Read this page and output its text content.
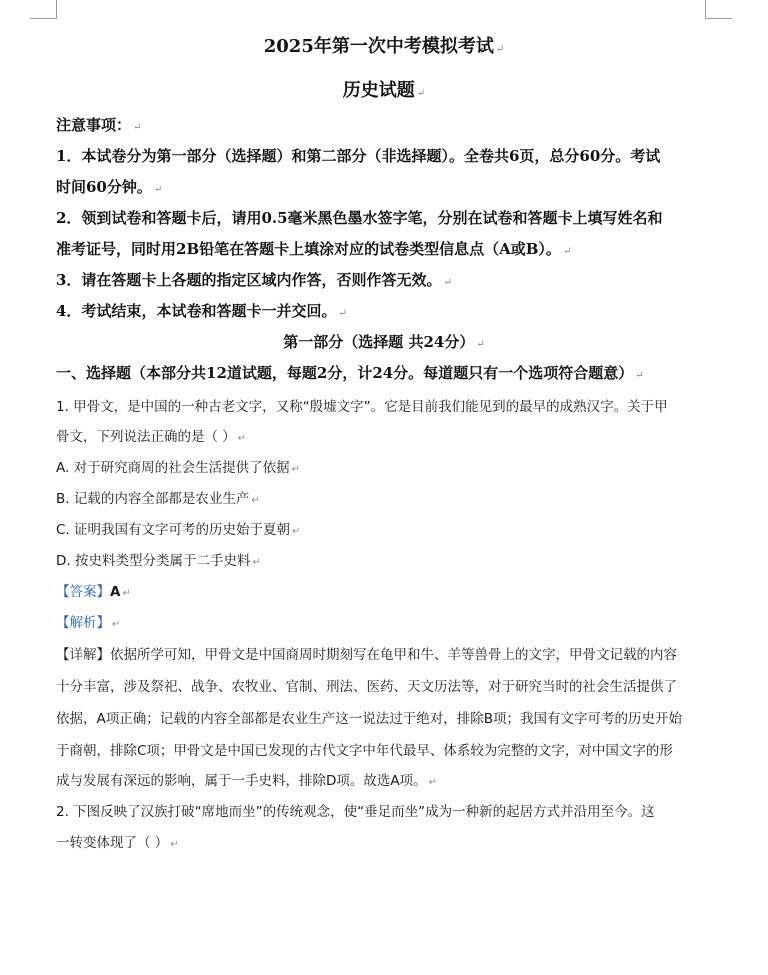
2025年第一次中考模拟考试 ↵
历史试题 ↵
注意事项： ↵
1．本试卷分为第一部分（选择题）和第二部分（非选择题）。全卷共6页，总分60分。考试
时间60分钟。 ↵
2．领到试卷和答题卡后，请用0.5毫米黑色墨水签字笔，分别在试卷和答题卡上填写姓名和
准考证号，同时用2B铅笔在答题卡上填涂对应的试卷类型信息点（A或B）。 ↵
3．请在答题卡上各题的指定区域内作答，否则作答无效。 ↵
4．考试结束，本试卷和答题卡一并交回。 ↵
第一部分（选择题 共24分） ↵
一、选择题（本部分共12道试题，每题2分，计24分。每道题只有一个选项符合题意） ↵
1. 甲骨文，是中国的一种古老文字，又称“殷墟文字”。它是目前我们能见到的最早的成熟汉字。关于甲
骨文，下列说法正确的是（ ） ↵
A. 对于研究商周的社会生活提供了依据 ↵
B. 记载的内容全部都是农业生产 ↵
C. 证明我国有文字可考的历史始于夏朝 ↵
D. 按史料类型分类属于二手史料 ↵
【答案】A ↵
【解析】 ↵
【详解】依据所学可知，甲骨文是中国商周时期刻写在龟甲和牛、羊等兽骨上的文字，甲骨文记载的内容
十分丰富，涉及祭祀、战争、农牧业、官制、刑法、医药、天文历法等，对于研究当时的社会生活提供了
依据，A项正确；记载的内容全部都是农业生产这一说法过于绝对，排除B项；我国有文字可考的历史开始
于商朝，排除C项；甲骨文是中国已发现的古代文字中年代最早、体系较为完整的文字，对中国文字的形
成与发展有深远的影响，属于一手史料，排除D项。故选A项。 ↵
2. 下图反映了汉族打破“席地而坐”的传统观念，使“垂足而坐”成为一种新的起居方式并沿用至今。这
一转变体现了（ ） ↵
